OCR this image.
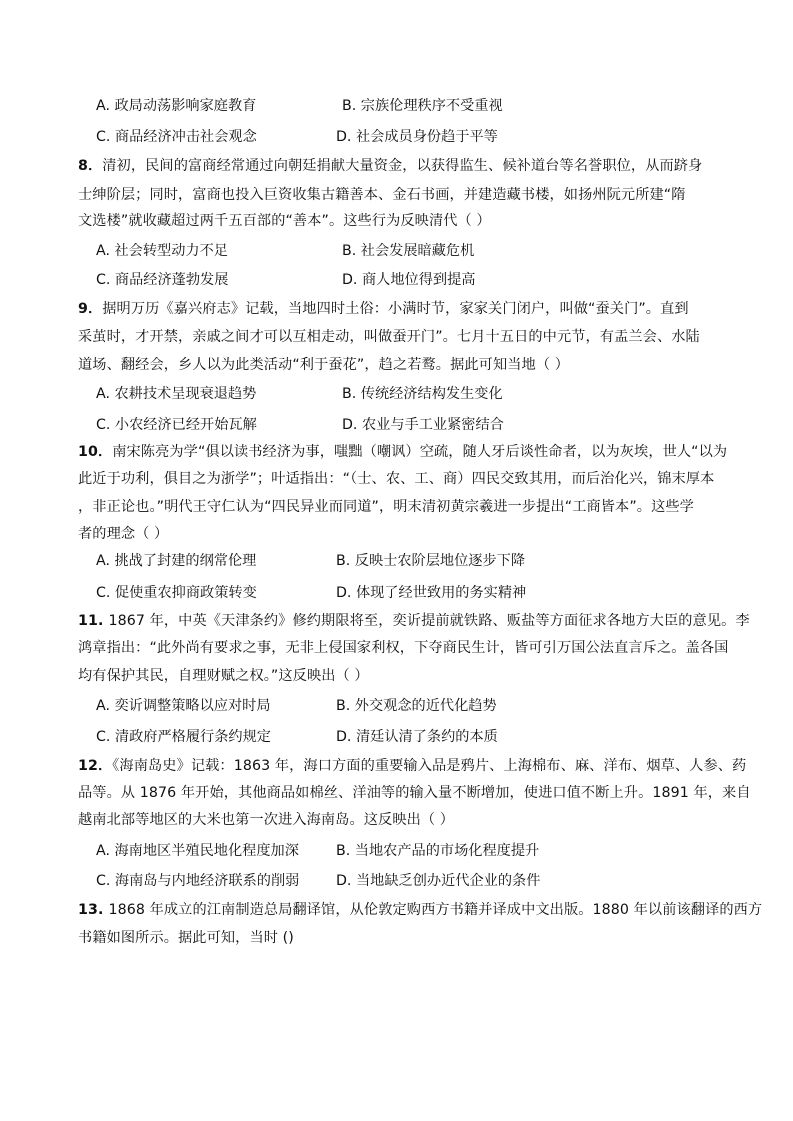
A. 政局动荡影响家庭教育	B. 宗族伦理秩序不受重视
C. 商品经济冲击社会观念	D. 社会成员身份趋于平等
8．清初，民间的富商经常通过向朝廷捐献大量资金，以获得监生、候补道台等名誉职位，从而跻身
士绅阶层；同时，富商也投入巨资收集古籍善本、金石书画，并建造藏书楼，如扬州阮元所建“隋
文选楼”就收藏超过两千五百部的“善本”。这些行为反映清代（ ）
A. 社会转型动力不足	B. 社会发展暗藏危机
C. 商品经济蓬勃发展	D. 商人地位得到提高
9．据明万历《嘉兴府志》记载，当地四时土俗：小满时节，家家关门闭户，叫做“蚕关门”。直到
采茧时，才开禁，亲戚之间才可以互相走动，叫做蚕开门”。七月十五日的中元节，有盂兰会、水陆
道场、翻经会，乡人以为此类活动“利于蚕花”，趋之若鹜。据此可知当地（ ）
A. 农耕技术呈现衰退趋势	B. 传统经济结构发生变化
C. 小农经济已经开始瓦解	D. 农业与手工业紧密结合
10．南宋陈亮为学“俱以读书经济为事，嗤黜（嘲讽）空疏，随人牙后谈性命者，以为灰埃，世人“以为
此近于功利，俱目之为浙学”；叶适指出：“（士、农、工、商）四民交致其用，而后治化兴，锦末厚本
，非正论也。”明代王守仁认为“四民异业而同道”，明末清初黄宗羲进一步提出“工商皆本”。这些学
者的理念（ ）
A. 挑战了封建的纲常伦理	B. 反映士农阶层地位逐步下降
C. 促使重农抑商政策转变	D. 体现了经世致用的务实精神
11. 1867 年，中英《天津条约》修约期限将至，奕䜣提前就铁路、贩盐等方面征求各地方大臣的意见。李
鸿章指出：“此外尚有要求之事，无非上侵国家利权，下夺商民生计，皆可引万国公法直言斥之。盖各国
均有保护其民，自理财赋之权。”这反映出（ ）
A. 奕䜣调整策略以应对时局	B. 外交观念的近代化趋势
C. 清政府严格履行条约规定	D. 清廷认清了条约的本质
12．《海南岛史》记载：1863 年，海口方面的重要输入品是鸦片、上海棉布、麻、洋布、烟草、人参、药
品等。从 1876 年开始，其他商品如棉丝、洋油等的输入量不断增加，使进口值不断上升。1891 年，来自
越南北部等地区的大米也第一次进入海南岛。这反映出（ ）
A. 海南地区半殖民地化程度加深	B. 当地农产品的市场化程度提升
C. 海南岛与内地经济联系的削弱	D. 当地缺乏创办近代企业的条件
13. 1868 年成立的江南制造总局翻译馆，从伦敦定购西方书籍并译成中文出版。1880 年以前该翻译的西方
书籍如图所示。据此可知，当时 ()
